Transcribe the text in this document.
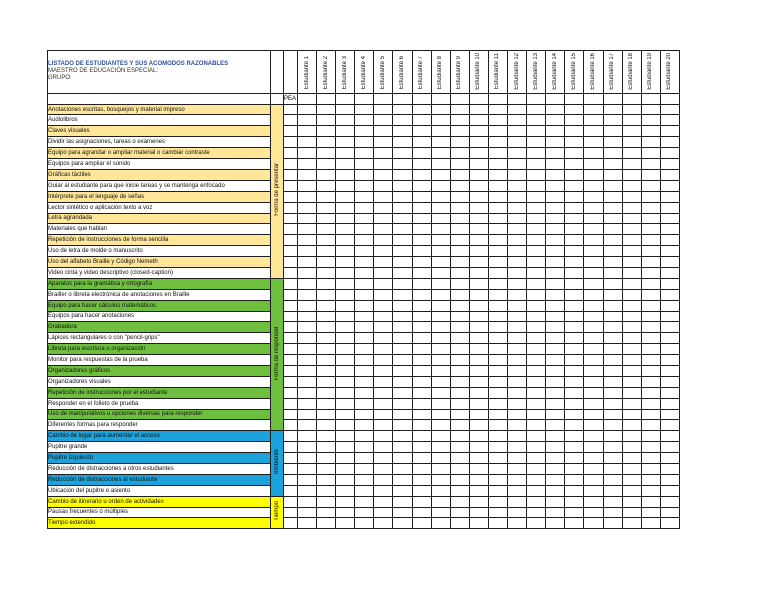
LISTADO DE ESTUDIANTES Y SUS ACOMODOS RAZONABLES
MAESTRO DE EDUCACIÓN ESPECIAL:
GRUPO:			Estudiante 1	Estudiante 2	Estudiante 3	Estudiante 4	Estudiante 5	Estudiante 6	Estudiante 7	Estudiante 8	Estudiante 9	Estudiante 10	Estudiante 11	Estudiante 12	Estudiante 13	Estudiante 14	Estudiante 15	Estudiante 16	Estudiante 17	Estudiante 18	Estudiante 19	Estudiante 20
		PEA																				
Anotaciones escritas, bosquejos y material impreso	Forma de presentar																					
Audiolibros																						
Claves visuales																						
Dividir las asignaciones, tareas o exámenes																						
Equipo para agrandar o ampliar material o cambiar contraste																						
Equipos para ampliar el sonido																						
Gráficas táctiles																						
Guiar al estudiante para que inicie tareas y se mantenga enfocado																						
Intérprete para el lenguaje de señas																						
Lector sintético o aplicación texto a voz																						
Letra agrandada																						
Materiales que hablan																						
Repetición de instrucciones de forma sencilla																						
Uso de letra de molde o manuscrito																						
Uso del alfabeto Braille y Código Nemeth																						
Video cinta y video descriptivo (closed-caption)																						
Aparatos para la gramática y ortografía	Forma de responder																					
Brailler o libreta electrónica de anotaciones en Braille																						
Equipo para hacer cálculos matemáticos																						
Equipos para hacer anotaciones																						
Grabadora																						
Lápices rectangulares o con "pencil-grips"																						
Libreta para escritura u organización																						
Monitor para respuestas de la prueba																						
Organizadores gráficos																						
Organizadores visuales																						
Repetición de instrucciones por el estudiante																						
Responder en el folleto de prueba																						
Uso de manipulativos u opciones diversas para responder																						
Diferentes formas para responder																						
Cambio de lugar para aumentar el acceso	Ambiente																					
Pupitre grande																						
Pupitre izquierdo																						
Reducción de distracciones a otros estudiantes																						
Reducción de distracciones al estudiante																						
Ubicación del pupitre o asiento																						
Cambio de itinerario u orden de actividades	Tiempo																					
Pausas frecuentes o múltiples																						
Tiempo extendido																						
